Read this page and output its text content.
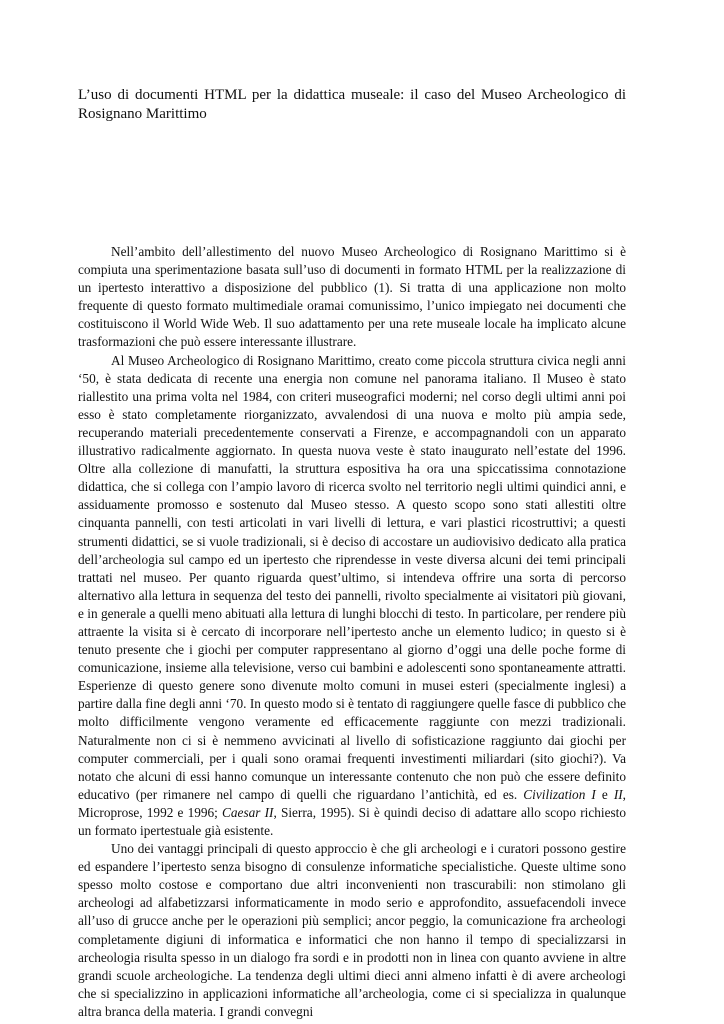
L’uso di documenti HTML per la didattica museale: il caso del Museo Archeologico di Rosignano Marittimo

Nell’ambito dell’allestimento del nuovo Museo Archeologico di Rosignano Marittimo si è compiuta una sperimentazione basata sull’uso di documenti in formato HTML per la realizzazione di un ipertesto interattivo a disposizione del pubblico (1). Si tratta di una applicazione non molto frequente di questo formato multimediale oramai comunissimo, l’unico impiegato nei documenti che costituiscono il World Wide Web. Il suo adattamento per una rete museale locale ha implicato alcune trasformazioni che può essere interessante illustrare.

Al Museo Archeologico di Rosignano Marittimo, creato come piccola struttura civica negli anni ‘50, è stata dedicata di recente una energia non comune nel panorama italiano. Il Museo è stato riallestito una prima volta nel 1984, con criteri museografici moderni; nel corso degli ultimi anni poi esso è stato completamente riorganizzato, avvalendosi di una nuova e molto più ampia sede, recuperando materiali precedentemente conservati a Firenze, e accompagnandoli con un apparato illustrativo radicalmente aggiornato. In questa nuova veste è stato inaugurato nell’estate del 1996. Oltre alla collezione di manufatti, la struttura espositiva ha ora una spiccatissima connotazione didattica, che si collega con l’ampio lavoro di ricerca svolto nel territorio negli ultimi quindici anni, e assiduamente promosso e sostenuto dal Museo stesso. A questo scopo sono stati allestiti oltre cinquanta pannelli, con testi articolati in vari livelli di lettura, e vari plastici ricostruttivi; a questi strumenti didattici, se si vuole tradizionali, si è deciso di accostare un audiovisivo dedicato alla pratica dell’archeologia sul campo ed un ipertesto che riprendesse in veste diversa alcuni dei temi principali trattati nel museo. Per quanto riguarda quest’ultimo, si intendeva offrire una sorta di percorso alternativo alla lettura in sequenza del testo dei pannelli, rivolto specialmente ai visitatori più giovani, e in generale a quelli meno abituati alla lettura di lunghi blocchi di testo. In particolare, per rendere più attraente la visita si è cercato di incorporare nell’ipertesto anche un elemento ludico; in questo si è tenuto presente che i giochi per computer rappresentano al giorno d’oggi una delle poche forme di comunicazione, insieme alla televisione, verso cui bambini e adolescenti sono spontaneamente attratti. Esperienze di questo genere sono divenute molto comuni in musei esteri (specialmente inglesi) a partire dalla fine degli anni ‘70. In questo modo si è tentato di raggiungere quelle fasce di pubblico che molto difficilmente vengono veramente ed efficacemente raggiunte con mezzi tradizionali. Naturalmente non ci si è nemmeno avvicinati al livello di sofisticazione raggiunto dai giochi per computer commerciali, per i quali sono oramai frequenti investimenti miliardari (sito giochi?). Va notato che alcuni di essi hanno comunque un interessante contenuto che non può che essere definito educativo (per rimanere nel campo di quelli che riguardano l’antichità, ed es. Civilization I e II, Microprose, 1992 e 1996; Caesar II, Sierra, 1995). Si è quindi deciso di adattare allo scopo richiesto un formato ipertestuale già esistente.

Uno dei vantaggi principali di questo approccio è che gli archeologi e i curatori possono gestire ed espandere l’ipertesto senza bisogno di consulenze informatiche specialistiche. Queste ultime sono spesso molto costose e comportano due altri inconvenienti non trascurabili: non stimolano gli archeologi ad alfabetizzarsi informaticamente in modo serio e approfondito, assuefacendoli invece all’uso di grucce anche per le operazioni più semplici; ancor peggio, la comunicazione fra archeologi completamente digiuni di informatica e informatici che non hanno il tempo di specializzarsi in archeologia risulta spesso in un dialogo fra sordi e in prodotti non in linea con quanto avviene in altre grandi scuole archeologiche. La tendenza degli ultimi dieci anni almeno infatti è di avere archeologi che si specializzino in applicazioni informatiche all’archeologia, come ci si specializza in qualunque altra branca della materia. I grandi convegni
